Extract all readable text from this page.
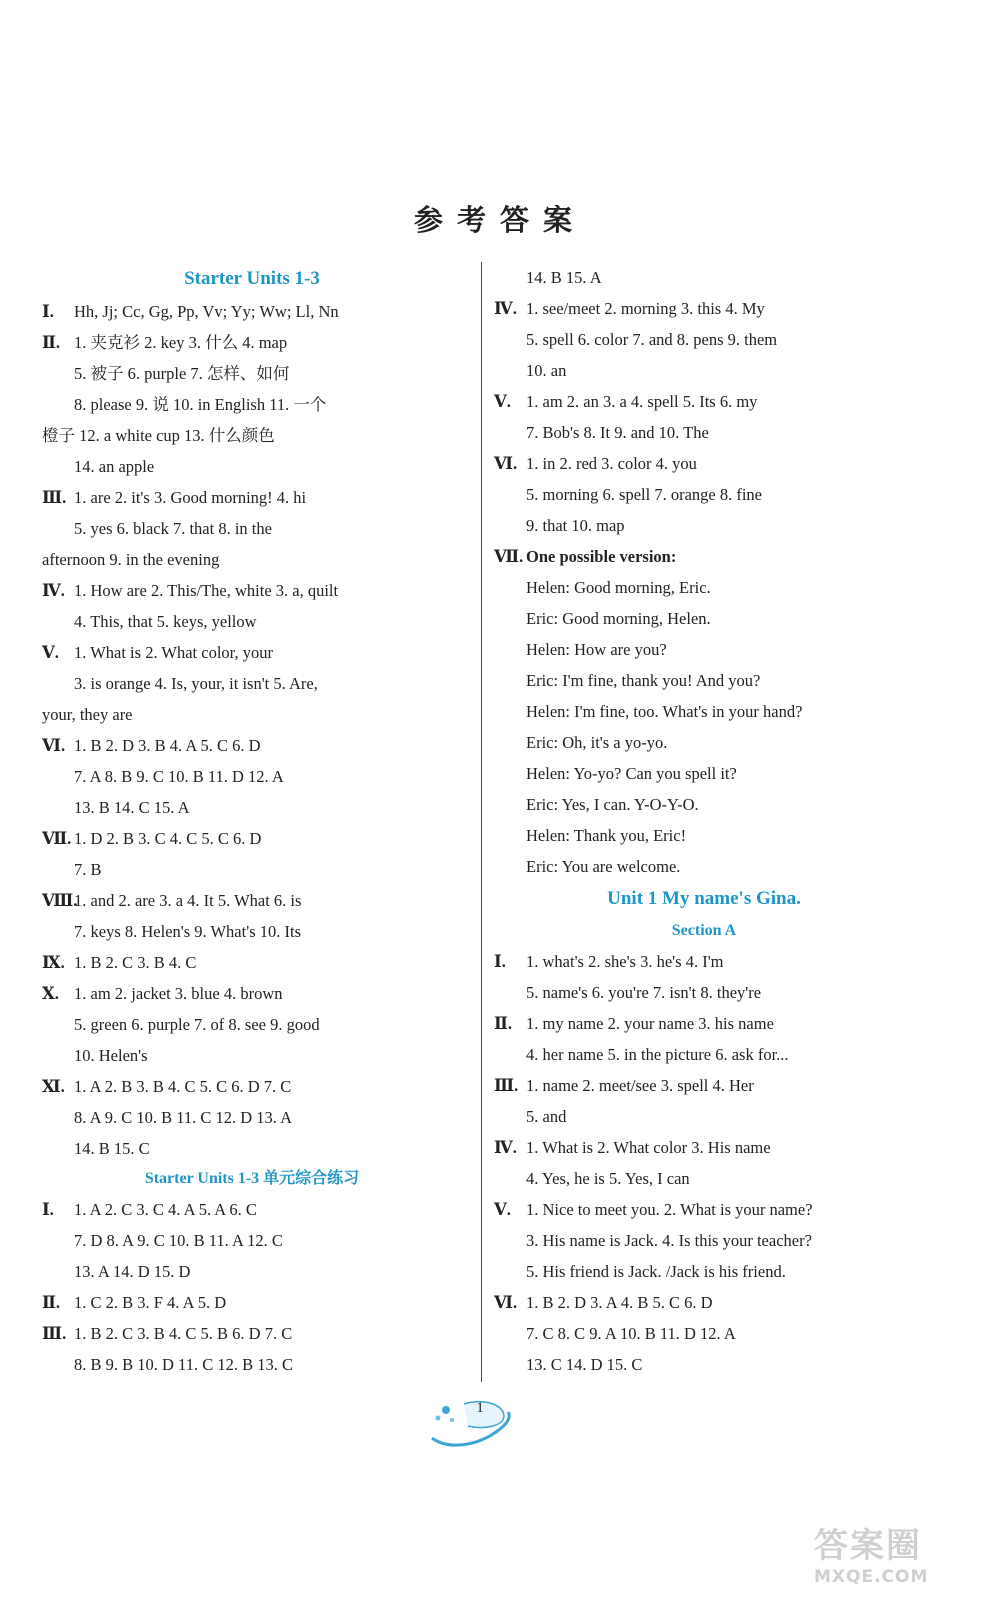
参考答案
Starter Units 1-3
Ⅰ.	Hh, Jj; Cc, Gg, Pp, Vv; Yy; Ww; Ll, Nn
Ⅱ. 1. 夹克衫 2. key 3. 什么 4. map
5. 被子 6. purple 7. 怎样、如何
8. please 9. 说 10. in English 11. 一个
橙子 12. a white cup 13. 什么颜色
14. an apple
Ⅲ. 1. are 2. it's 3. Good morning! 4. hi
5. yes 6. black 7. that 8. in the
afternoon 9. in the evening
Ⅳ. 1. How are 2. This/The, white 3. a, quilt
4. This, that 5. keys, yellow
Ⅴ. 1. What is 2. What color, your
3. is orange 4. Is, your, it isn't 5. Are,
your, they are
Ⅵ. 1. B 2. D 3. B 4. A 5. C 6. D
7. A 8. B 9. C 10. B 11. D 12. A
13. B 14. C 15. A
Ⅶ. 1. D 2. B 3. C 4. C 5. C 6. D
7. B
Ⅷ.
1. and 2. are 3. a 4. It 5. What 6. is
7. keys 8. Helen's 9. What's 10. Its
Ⅸ. 1. B 2. C 3. B 4. C
Ⅹ. 1. am 2. jacket 3. blue 4. brown
5. green 6. purple 7. of 8. see 9. good
10. Helen's
Ⅺ. 1. A 2. B 3. B 4. C 5. C 6. D 7. C
8. A 9. C 10. B 11. C 12. D 13. A
14. B 15. C
Starter Units 1-3 单元综合练习
Ⅰ.	1. A 2. C 3. C 4. A 5. A 6. C
7. D 8. A 9. C 10. B 11. A 12. C
13. A 14. D 15. D
Ⅱ. 1. C 2. B 3. F 4. A 5. D
Ⅲ. 1. B 2. C 3. B 4. C 5. B 6. D 7. C
8. B 9. B 10. D 11. C 12. B 13. C
14. B 15. A
Ⅳ. 1. see/meet 2. morning 3. this 4. My
5. spell 6. color 7. and 8. pens 9. them
10. an
Ⅴ. 1. am 2. an 3. a 4. spell 5. Its 6. my
7. Bob's 8. It 9. and 10. The
Ⅵ. 1. in 2. red 3. color 4. you
5. morning 6. spell 7. orange 8. fine
9. that 10. map
Ⅶ. One possible version:
Helen: Good morning, Eric.
Eric: Good morning, Helen.
Helen: How are you?
Eric: I'm fine, thank you! And you?
Helen: I'm fine, too. What's in your hand?
Eric: Oh, it's a yo-yo.
Helen: Yo-yo? Can you spell it?
Eric: Yes, I can. Y-O-Y-O.
Helen: Thank you, Eric!
Eric: You are welcome.
Unit 1 My name's Gina.
Section A
Ⅰ.	1. what's 2. she's 3. he's 4. I'm
5. name's 6. you're 7. isn't 8. they're
Ⅱ. 1. my name 2. your name 3. his name
4. her name 5. in the picture 6. ask for...
Ⅲ. 1. name 2. meet/see 3. spell 4. Her
5. and
Ⅳ. 1. What is 2. What color 3. His name
4. Yes, he is 5. Yes, I can
Ⅴ. 1. Nice to meet you. 2. What is your name?
3. His name is Jack. 4. Is this your teacher?
5. His friend is Jack. /Jack is his friend.
Ⅵ. 1. B 2. D 3. A 4. B 5. C 6. D
7. C 8. C 9. A 10. B 11. D 12. A
13. C 14. D 15. C
1
答案圈
MXQE.COM
